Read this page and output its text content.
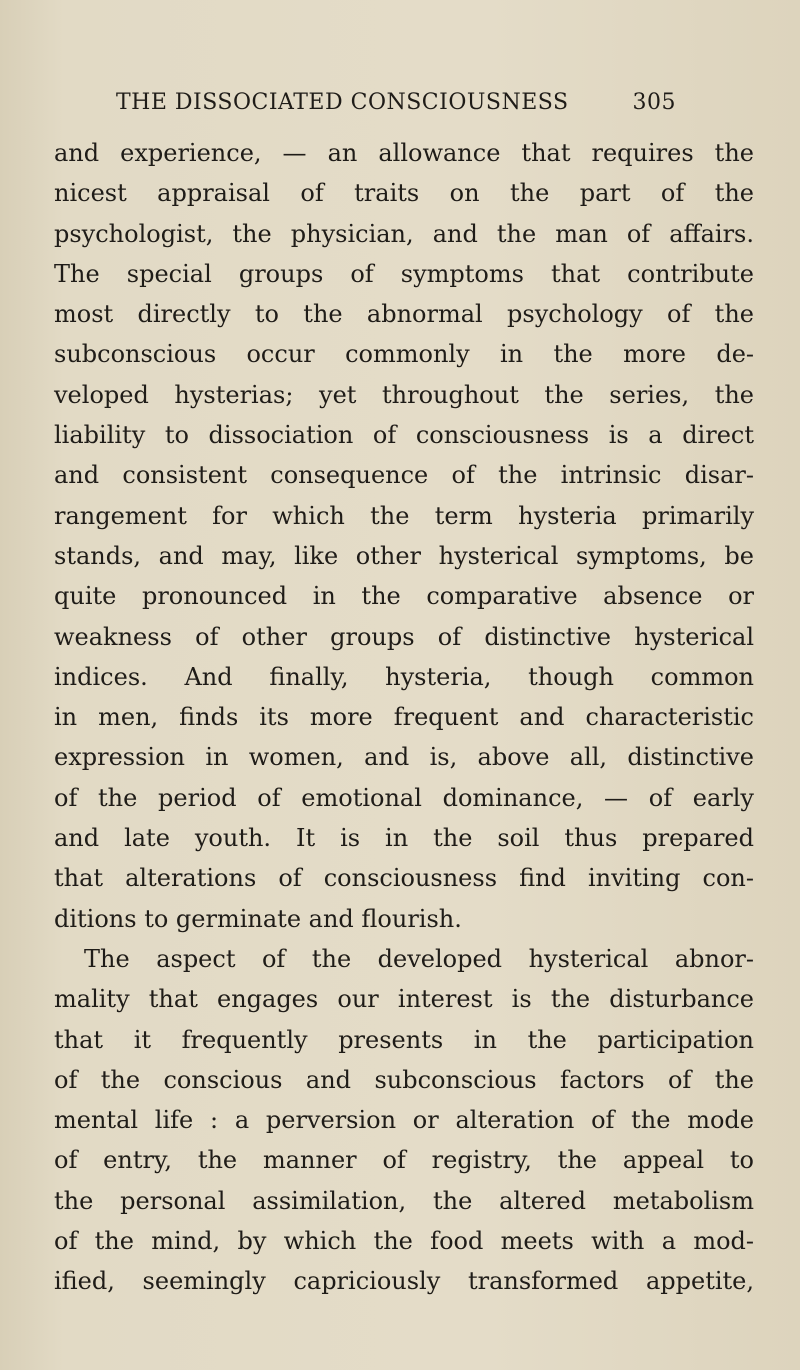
THE DISSOCIATED CONSCIOUSNESS	305
and experience, — an allowance that requires the
nicest appraisal of traits on the part of the
psychologist, the physician, and the man of affairs.
The special groups of symptoms that contribute
most directly to the abnormal psychology of the
subconscious occur commonly in the more de-
veloped hysterias; yet throughout the series, the
liability to dissociation of consciousness is a direct
and consistent consequence of the intrinsic disar-
rangement for which the term hysteria primarily
stands, and may, like other hysterical symptoms, be
quite pronounced in the comparative absence or
weakness of other groups of distinctive hysterical
indices. And finally, hysteria, though common
in men, finds its more frequent and characteristic
expression in women, and is, above all, distinctive
of the period of emotional dominance, — of early
and late youth. It is in the soil thus prepared
that alterations of consciousness find inviting con-
ditions to germinate and flourish.
The aspect of the developed hysterical abnor-
mality that engages our interest is the disturbance
that it frequently presents in the participation
of the conscious and subconscious factors of the
mental life : a perversion or alteration of the mode
of entry, the manner of registry, the appeal to
the personal assimilation, the altered metabolism
of the mind, by which the food meets with a mod-
ified, seemingly capriciously transformed appetite,
